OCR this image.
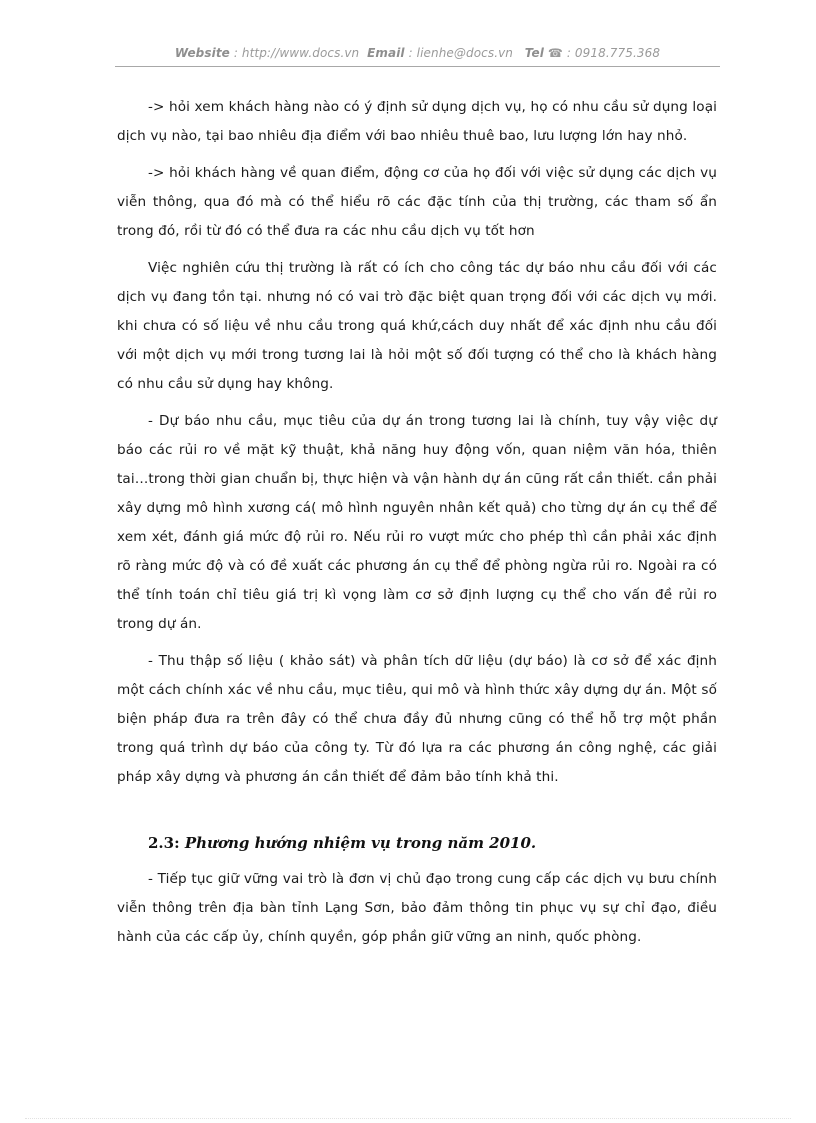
Website : http://www.docs.vn Email : lienhe@docs.vn Tel ☎ : 0918.775.368

-> hỏi xem khách hàng nào có ý định sử dụng dịch vụ, họ có nhu cầu sử dụng loại dịch vụ nào, tại bao nhiêu địa điểm với bao nhiêu thuê bao, lưu lượng lớn hay nhỏ.

-> hỏi khách hàng về quan điểm, động cơ của họ đối với việc sử dụng các dịch vụ viễn thông, qua đó mà có thể hiểu rõ các đặc tính của thị trường, các tham số ẩn trong đó, rồi từ đó có thể đưa ra các nhu cầu dịch vụ tốt hơn

Việc nghiên cứu thị trường là rất có ích cho công tác dự báo nhu cầu đối với các dịch vụ đang tồn tại. nhưng nó có vai trò đặc biệt quan trọng đối với các dịch vụ mới. khi chưa có số liệu về nhu cầu trong quá khứ,cách duy nhất để xác định nhu cầu đối với một dịch vụ mới trong tương lai là hỏi một số đối tượng có thể cho là khách hàng có nhu cầu sử dụng hay không.

- Dự báo nhu cầu, mục tiêu của dự án trong tương lai là chính, tuy vậy việc dự báo các rủi ro về mặt kỹ thuật, khả năng huy động vốn, quan niệm văn hóa, thiên tai…trong thời gian chuẩn bị, thực hiện và vận hành dự án cũng rất cần thiết. cần phải xây dựng mô hình xương cá( mô hình nguyên nhân kết quả) cho từng dự án cụ thể để xem xét, đánh giá mức độ rủi ro. Nếu rủi ro vượt mức cho phép thì cần phải xác định rõ ràng mức độ và có đề xuất các phương án cụ thể để phòng ngừa rủi ro. Ngoài ra có thể tính toán chỉ tiêu giá trị kì vọng làm cơ sở định lượng cụ thể cho vấn đề rủi ro trong dự án.

- Thu thập số liệu ( khảo sát) và phân tích dữ liệu (dự báo) là cơ sở để xác định một cách chính xác về nhu cầu, mục tiêu, qui mô và hình thức xây dựng dự án. Một số biện pháp đưa ra trên đây có thể chưa đầy đủ nhưng cũng có thể hỗ trợ một phần trong quá trình dự báo của công ty. Từ đó lựa ra các phương án công nghệ, các giải pháp xây dựng và phương án cần thiết để đảm bảo tính khả thi.

2.3: Phương hướng nhiệm vụ trong năm 2010.

- Tiếp tục giữ vững vai trò là đơn vị chủ đạo trong cung cấp các dịch vụ bưu chính viễn thông trên địa bàn tỉnh Lạng Sơn, bảo đảm thông tin phục vụ sự chỉ đạo, điều hành của các cấp ủy, chính quyền, góp phần giữ vững an ninh, quốc phòng.
